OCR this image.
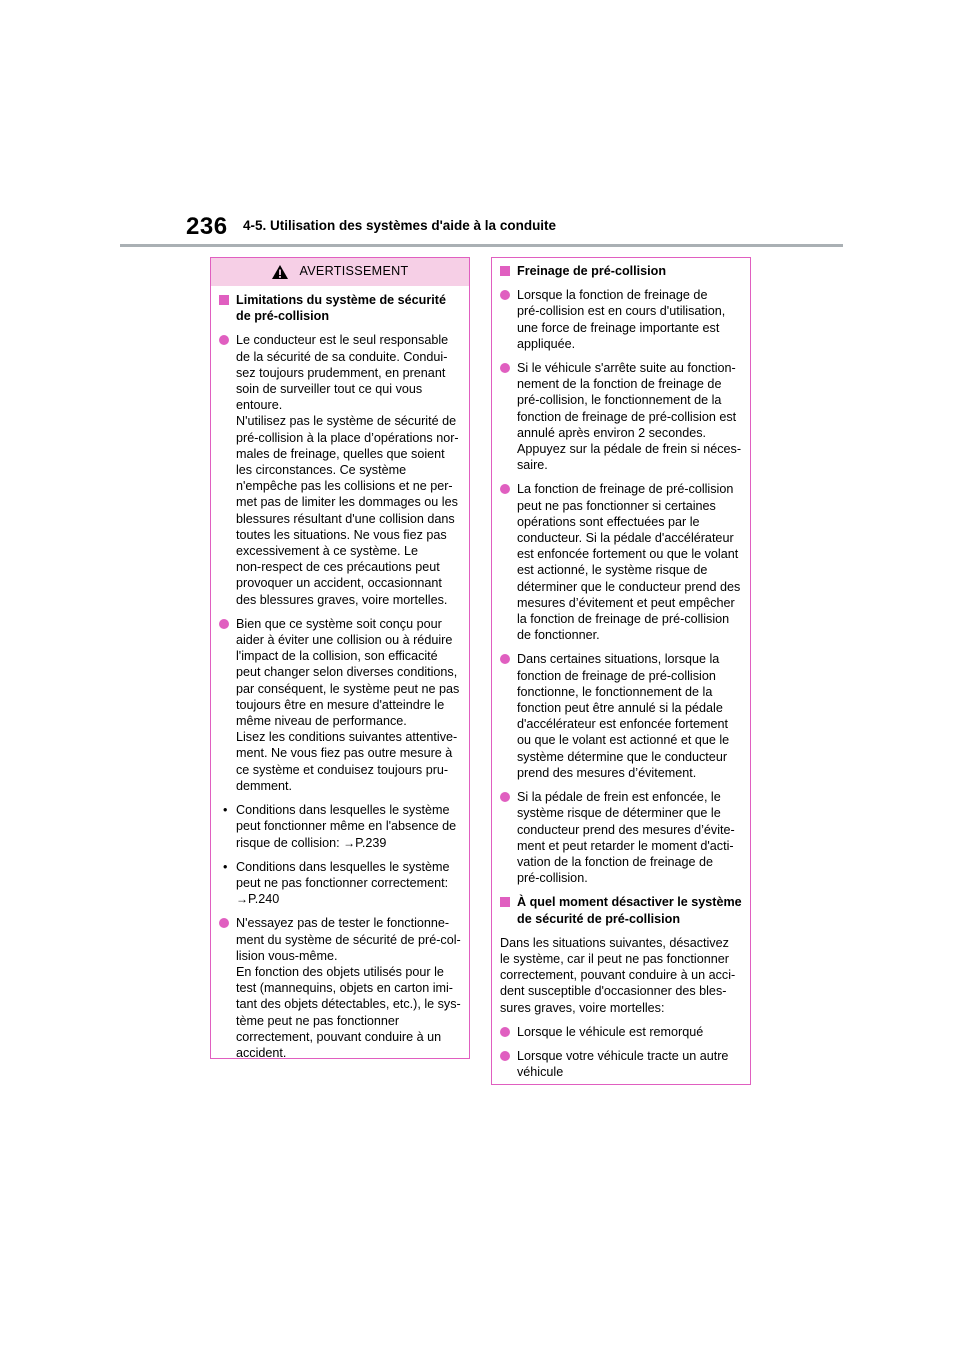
236 4-5. Utilisation des systèmes d'aide à la conduite
AVERTISSEMENT
Limitations du système de sécurité
de pré-collision
Le conducteur est le seul responsable
de la sécurité de sa conduite. Condui-
sez toujours prudemment, en prenant
soin de surveiller tout ce qui vous
entoure.
N'utilisez pas le système de sécurité de
pré-collision à la place d’opérations nor-
males de freinage, quelles que soient
les circonstances. Ce système
n'empêche pas les collisions et ne per-
met pas de limiter les dommages ou les
blessures résultant d'une collision dans
toutes les situations. Ne vous fiez pas
excessivement à ce système. Le
non-respect de ces précautions peut
provoquer un accident, occasionnant
des blessures graves, voire mortelles.
Bien que ce système soit conçu pour
aider à éviter une collision ou à réduire
l'impact de la collision, son efficacité
peut changer selon diverses conditions,
par conséquent, le système peut ne pas
toujours être en mesure d'atteindre le
même niveau de performance.
Lisez les conditions suivantes attentive-
ment. Ne vous fiez pas outre mesure à
ce système et conduisez toujours pru-
demment.
• Conditions dans lesquelles le système
peut fonctionner même en l'absence de
risque de collision: →P.239
• Conditions dans lesquelles le système
peut ne pas fonctionner correctement:
→P.240
N'essayez pas de tester le fonctionne-
ment du système de sécurité de pré-col-
lision vous-même.
En fonction des objets utilisés pour le
test (mannequins, objets en carton imi-
tant des objets détectables, etc.), le sys-
tème peut ne pas fonctionner
correctement, pouvant conduire à un
accident.
Freinage de pré-collision
Lorsque la fonction de freinage de
pré-collision est en cours d'utilisation,
une force de freinage importante est
appliquée.
Si le véhicule s'arrête suite au fonction-
nement de la fonction de freinage de
pré-collision, le fonctionnement de la
fonction de freinage de pré-collision est
annulé après environ 2 secondes.
Appuyez sur la pédale de frein si néces-
saire.
La fonction de freinage de pré-collision
peut ne pas fonctionner si certaines
opérations sont effectuées par le
conducteur. Si la pédale d'accélérateur
est enfoncée fortement ou que le volant
est actionné, le système risque de
déterminer que le conducteur prend des
mesures d’évitement et peut empêcher
la fonction de freinage de pré-collision
de fonctionner.
Dans certaines situations, lorsque la
fonction de freinage de pré-collision
fonctionne, le fonctionnement de la
fonction peut être annulé si la pédale
d'accélérateur est enfoncée fortement
ou que le volant est actionné et que le
système détermine que le conducteur
prend des mesures d’évitement.
Si la pédale de frein est enfoncée, le
système risque de déterminer que le
conducteur prend des mesures d’évite-
ment et peut retarder le moment d'acti-
vation de la fonction de freinage de
pré-collision.
À quel moment désactiver le système
de sécurité de pré-collision
Dans les situations suivantes, désactivez
le système, car il peut ne pas fonctionner
correctement, pouvant conduire à un acci-
dent susceptible d'occasionner des bles-
sures graves, voire mortelles:
Lorsque le véhicule est remorqué
Lorsque votre véhicule tracte un autre
véhicule
